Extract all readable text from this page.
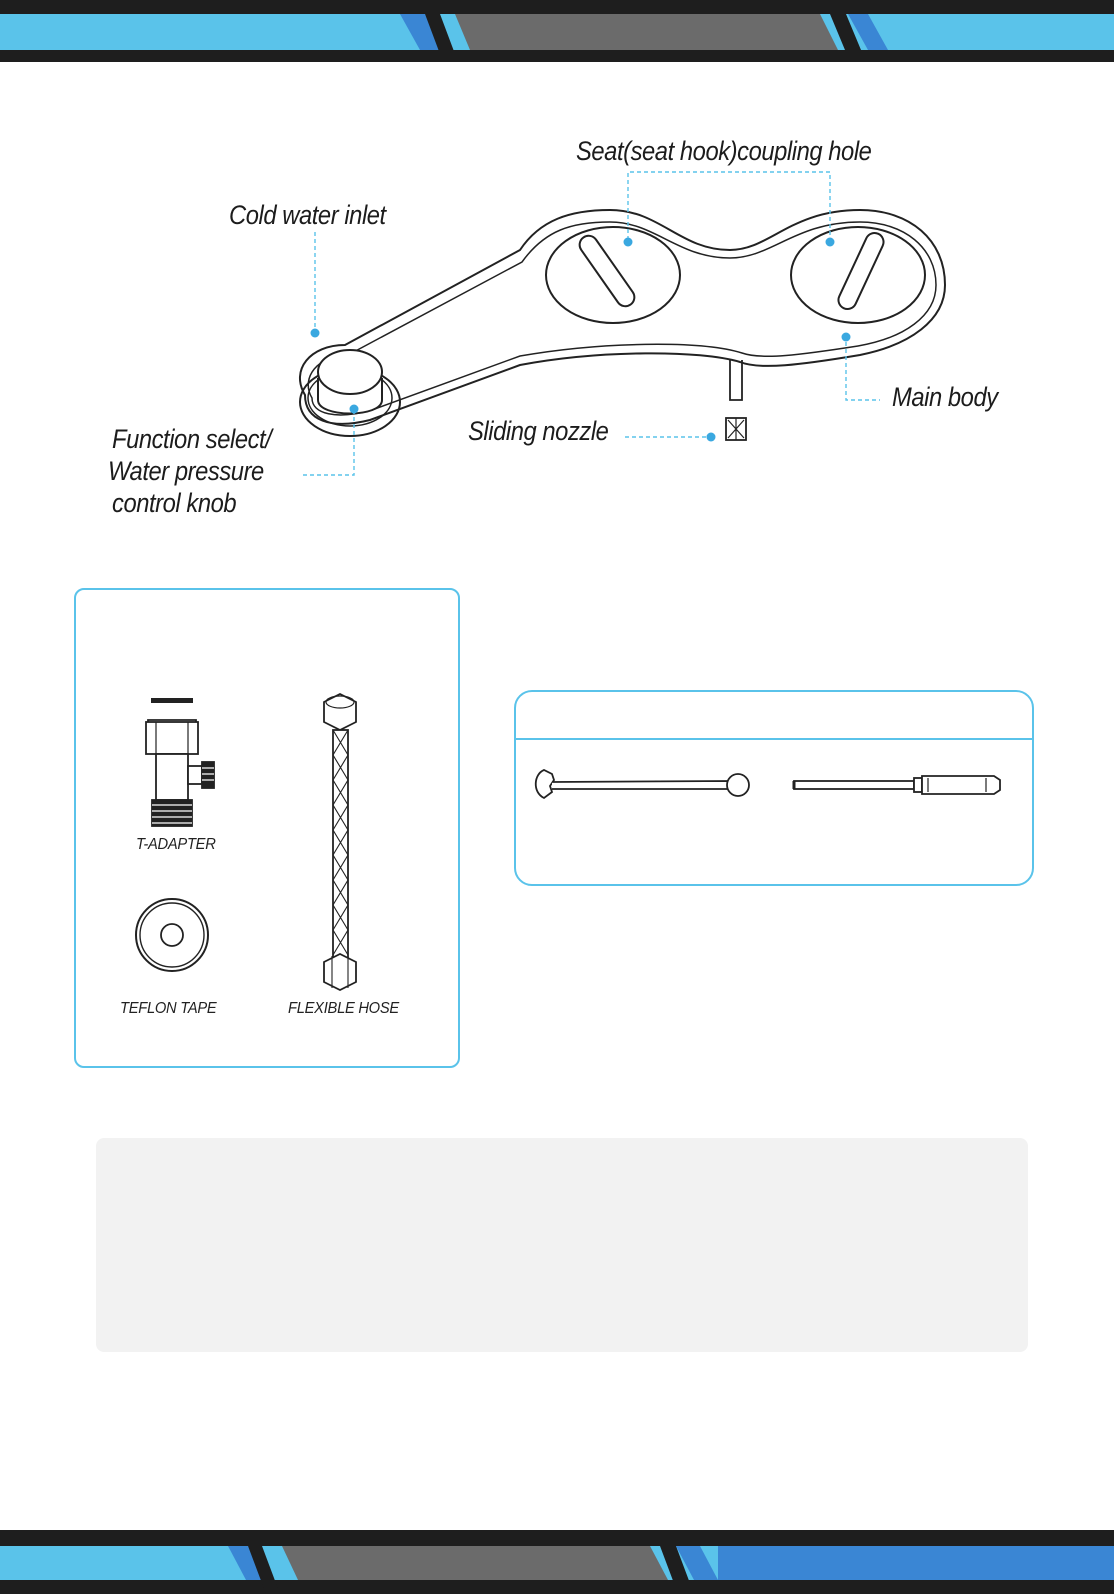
Seat(seat hook)coupling hole
Cold water inlet
Main body
Sliding nozzle
Function select/
Water pressure
control knob
T-ADAPTER
TEFLON TAPE	FLEXIBLE HOSE
